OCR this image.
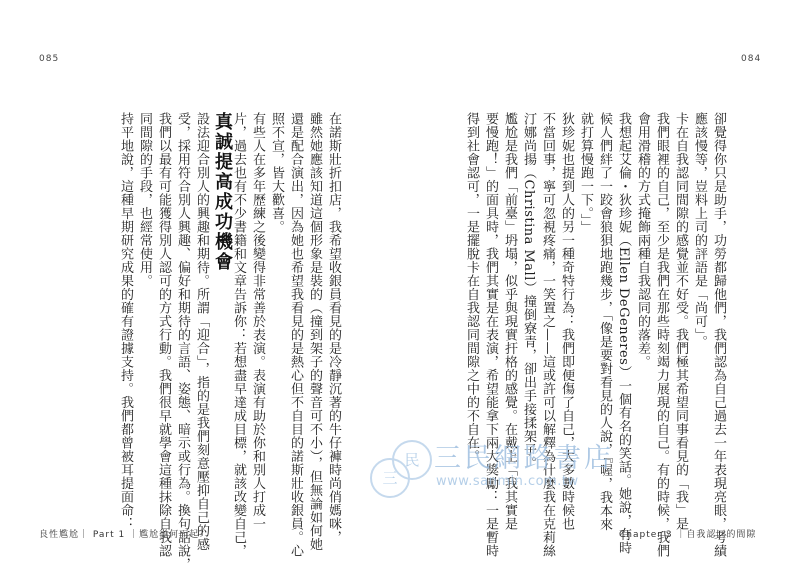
085	084
持平地說，這種早期研究成果的確有證據支持。我們都曾被耳提面命： 同間隙的手段，也經常使用。 我們以最有可能獲得別人認可的方式行動。我們很早就學會這種抹除自我認 受，採用符合別人興趣、偏好和期待的言語、姿態、暗示或行為。換句話說， 設法迎合別人的興趣和期待。所謂「迎合」，指的是我們刻意壓抑自己的感 片，過去也有不少書籍和文章告訴你：若想盡早達成目標，就該改變自己， 有些人在多年歷練之後變得非常善於表演。表演有助於你和別人打成一
真誠提高成功機會	照不宣，皆大歡喜。 還是配合演出，因為她也希望我看見的是熱心但不自目的諾斯壯收銀員。心 雖然她應該知道這個形象是裝的（撞到架子的聲音可不小），但無論如何她 在諾斯壯折扣店，我希望收銀員看見的是冷靜沉著的牛仔褲時尚俏媽咪，	得到社會認可，一是擺脫卡在自我認同間隙之中的不自在。 要慢跑！」的面具時，我們其實是在表演，希望能拿下兩大獎勵：一是暫時 尷尬是我們「前臺」坍塌，似乎與現實扞格的感覺。在戴上「我其實是 汀娜尚揚（Christina Mall）撞倒寮青，卻出手接揉架子。 不當回事，寧可忽視疼痛，一笑置之——這或許可以解釋為什麼我在克莉絲 狄珍妮也提到人的另一種奇特行為：我們即便傷了自己，大多數時候也 就打算慢跑一下。」」 候人們絆了一跤會狼狽地跑幾步，「像是要對看見的人說，『喔，我本來 我想起艾倫・狄珍妮（Ellen DeGeneres）一個有名的笑話。她說，有時 會用滑稽的方式掩飾兩種自我認同的落差。 我們眼裡的自己，至少是我們在那些時刻竭力展現的自己。有的時候，我們 卡在自我認同間隙的感覺並不好受。我們極其希望同事看見的「我」是 應該慢等，豈料上司的評語是「尚可」。 卻覺得你只是助手，功勞都歸他們，我們認為自己過去一年表現亮眼，考績
三
民 三民網路書店
www.sanmin.com.tw
良性尷尬｜ Part 1 ｜尷尬從何而起？	Chapter 3 ｜自我認同的間隙
